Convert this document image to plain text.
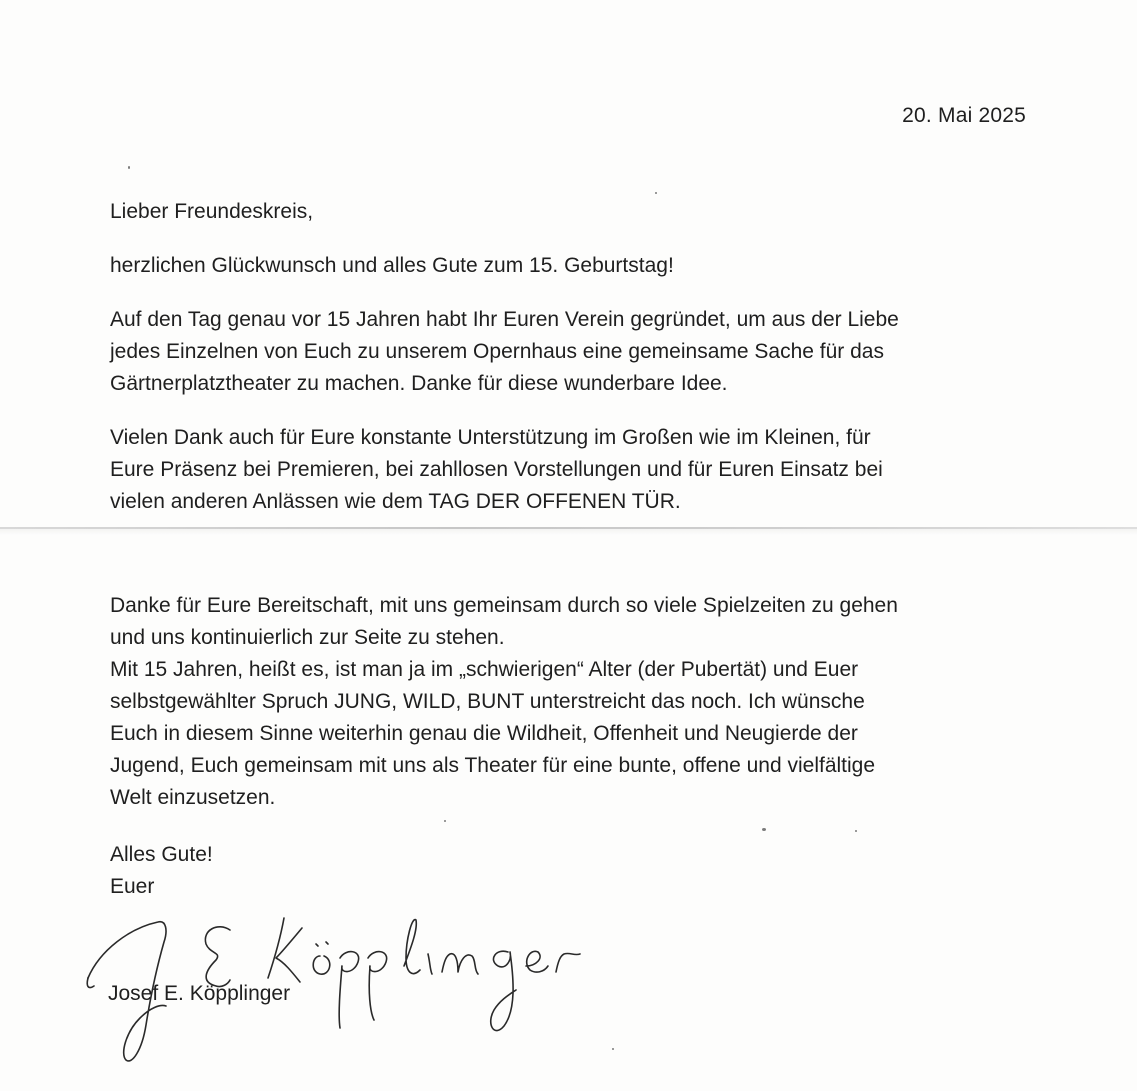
20. Mai 2025
Lieber Freundeskreis,
herzlichen Glückwunsch und alles Gute zum 15. Geburtstag!
Auf den Tag genau vor 15 Jahren habt Ihr Euren Verein gegründet, um aus der Liebe
jedes Einzelnen von Euch zu unserem Opernhaus eine gemeinsame Sache für das
Gärtnerplatztheater zu machen. Danke für diese wunderbare Idee.
Vielen Dank auch für Eure konstante Unterstützung im Großen wie im Kleinen, für
Eure Präsenz bei Premieren, bei zahllosen Vorstellungen und für Euren Einsatz bei
vielen anderen Anlässen wie dem TAG DER OFFENEN TÜR.
Danke für Eure Bereitschaft, mit uns gemeinsam durch so viele Spielzeiten zu gehen
und uns kontinuierlich zur Seite zu stehen.
Mit 15 Jahren, heißt es, ist man ja im „schwierigen“ Alter (der Pubertät) und Euer
selbstgewählter Spruch JUNG, WILD, BUNT unterstreicht das noch. Ich wünsche
Euch in diesem Sinne weiterhin genau die Wildheit, Offenheit und Neugierde der
Jugend, Euch gemeinsam mit uns als Theater für eine bunte, offene und vielfältige
Welt einzusetzen.
Alles Gute!
Euer
Josef E. Köpplinger
